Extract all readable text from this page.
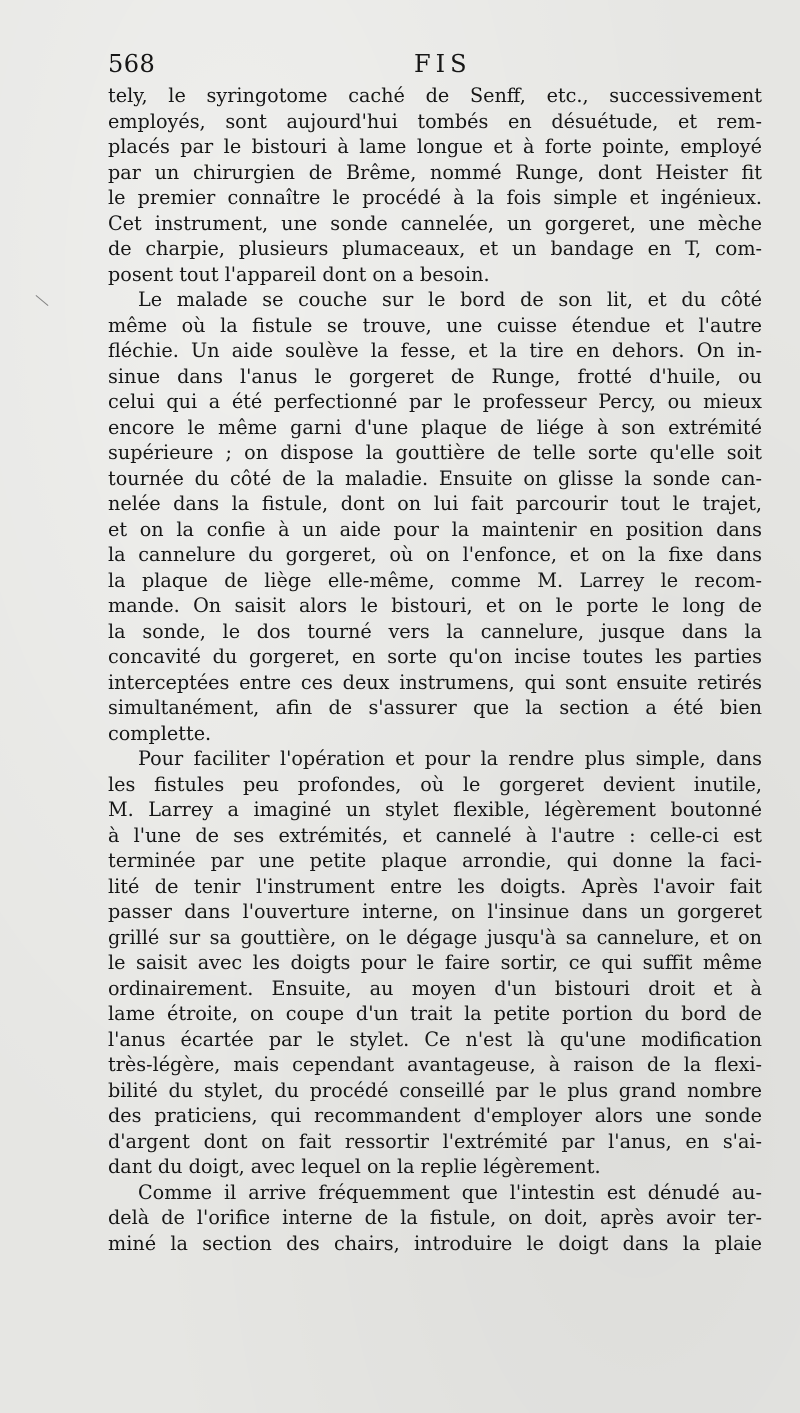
568	FIS
tely, le syringotome caché de Senff, etc., successivement
employés, sont aujourd'hui tombés en désuétude, et rem-
placés par le bistouri à lame longue et à forte pointe, employé
par un chirurgien de Brême, nommé Runge, dont Heister fit
le premier connaître le procédé à la fois simple et ingénieux.
Cet instrument, une sonde cannelée, un gorgeret, une mèche
de charpie, plusieurs plumaceaux, et un bandage en T, com-
posent tout l'appareil dont on a besoin.
Le malade se couche sur le bord de son lit, et du côté
même où la fistule se trouve, une cuisse étendue et l'autre
fléchie. Un aide soulève la fesse, et la tire en dehors. On in-
sinue dans l'anus le gorgeret de Runge, frotté d'huile, ou
celui qui a été perfectionné par le professeur Percy, ou mieux
encore le même garni d'une plaque de liége à son extrémité
supérieure ; on dispose la gouttière de telle sorte qu'elle soit
tournée du côté de la maladie. Ensuite on glisse la sonde can-
nelée dans la fistule, dont on lui fait parcourir tout le trajet,
et on la confie à un aide pour la maintenir en position dans
la cannelure du gorgeret, où on l'enfonce, et on la fixe dans
la plaque de liège elle-même, comme M. Larrey le recom-
mande. On saisit alors le bistouri, et on le porte le long de
la sonde, le dos tourné vers la cannelure, jusque dans la
concavité du gorgeret, en sorte qu'on incise toutes les parties
interceptées entre ces deux instrumens, qui sont ensuite retirés
simultanément, afin de s'assurer que la section a été bien
complette.
Pour faciliter l'opération et pour la rendre plus simple, dans
les fistules peu profondes, où le gorgeret devient inutile,
M. Larrey a imaginé un stylet flexible, légèrement boutonné
à l'une de ses extrémités, et cannelé à l'autre : celle-ci est
terminée par une petite plaque arrondie, qui donne la faci-
lité de tenir l'instrument entre les doigts. Après l'avoir fait
passer dans l'ouverture interne, on l'insinue dans un gorgeret
grillé sur sa gouttière, on le dégage jusqu'à sa cannelure, et on
le saisit avec les doigts pour le faire sortir, ce qui suffit même
ordinairement. Ensuite, au moyen d'un bistouri droit et à
lame étroite, on coupe d'un trait la petite portion du bord de
l'anus écartée par le stylet. Ce n'est là qu'une modification
très-légère, mais cependant avantageuse, à raison de la flexi-
bilité du stylet, du procédé conseillé par le plus grand nombre
des praticiens, qui recommandent d'employer alors une sonde
d'argent dont on fait ressortir l'extrémité par l'anus, en s'ai-
dant du doigt, avec lequel on la replie légèrement.
Comme il arrive fréquemment que l'intestin est dénudé au-
delà de l'orifice interne de la fistule, on doit, après avoir ter-
miné la section des chairs, introduire le doigt dans la plaie
